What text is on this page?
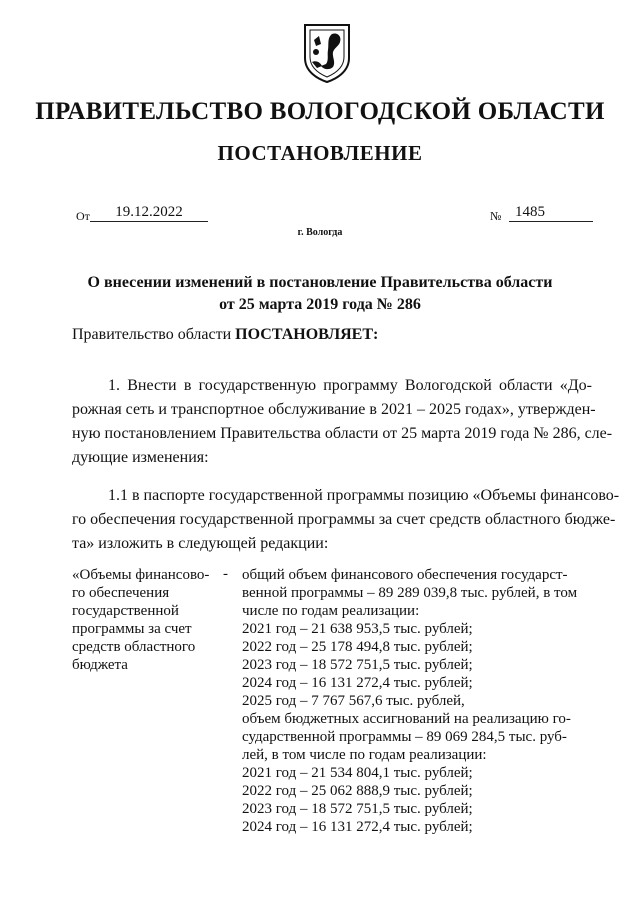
ПРАВИТЕЛЬСТВО ВОЛОГОДСКОЙ ОБЛАСТИ
ПОСТАНОВЛЕНИЕ
От	19.12.2022	№ 1485
г. Вологда
О внесении изменений в постановление Правительства области
от 25 марта 2019 года № 286
Правительство области ПОСТАНОВЛЯЕТ:
1. Внести в государственную программу Вологодской области «До-
рожная сеть и транспортное обслуживание в 2021 – 2025 годах», утвержден-
ную постановлением Правительства области от 25 марта 2019 года № 286, сле-
дующие изменения:
1.1 в паспорте государственной программы позицию «Объемы финансово-
го обеспечения государственной программы за счет средств областного бюдже-
та» изложить в следующей редакции:
«Объемы финансово-
го обеспечения
государственной
программы за счет
средств областного
бюджета
- общий объем финансового обеспечения государст-
венной программы – 89 289 039,8 тыс. рублей, в том
числе по годам реализации:
2021 год – 21 638 953,5 тыс. рублей;
2022 год – 25 178 494,8 тыс. рублей;
2023 год – 18 572 751,5 тыс. рублей;
2024 год – 16 131 272,4 тыс. рублей;
2025 год – 7 767 567,6 тыс. рублей,
объем бюджетных ассигнований на реализацию го-
сударственной программы – 89 069 284,5 тыс. руб-
лей, в том числе по годам реализации:
2021 год – 21 534 804,1 тыс. рублей;
2022 год – 25 062 888,9 тыс. рублей;
2023 год – 18 572 751,5 тыс. рублей;
2024 год – 16 131 272,4 тыс. рублей;
